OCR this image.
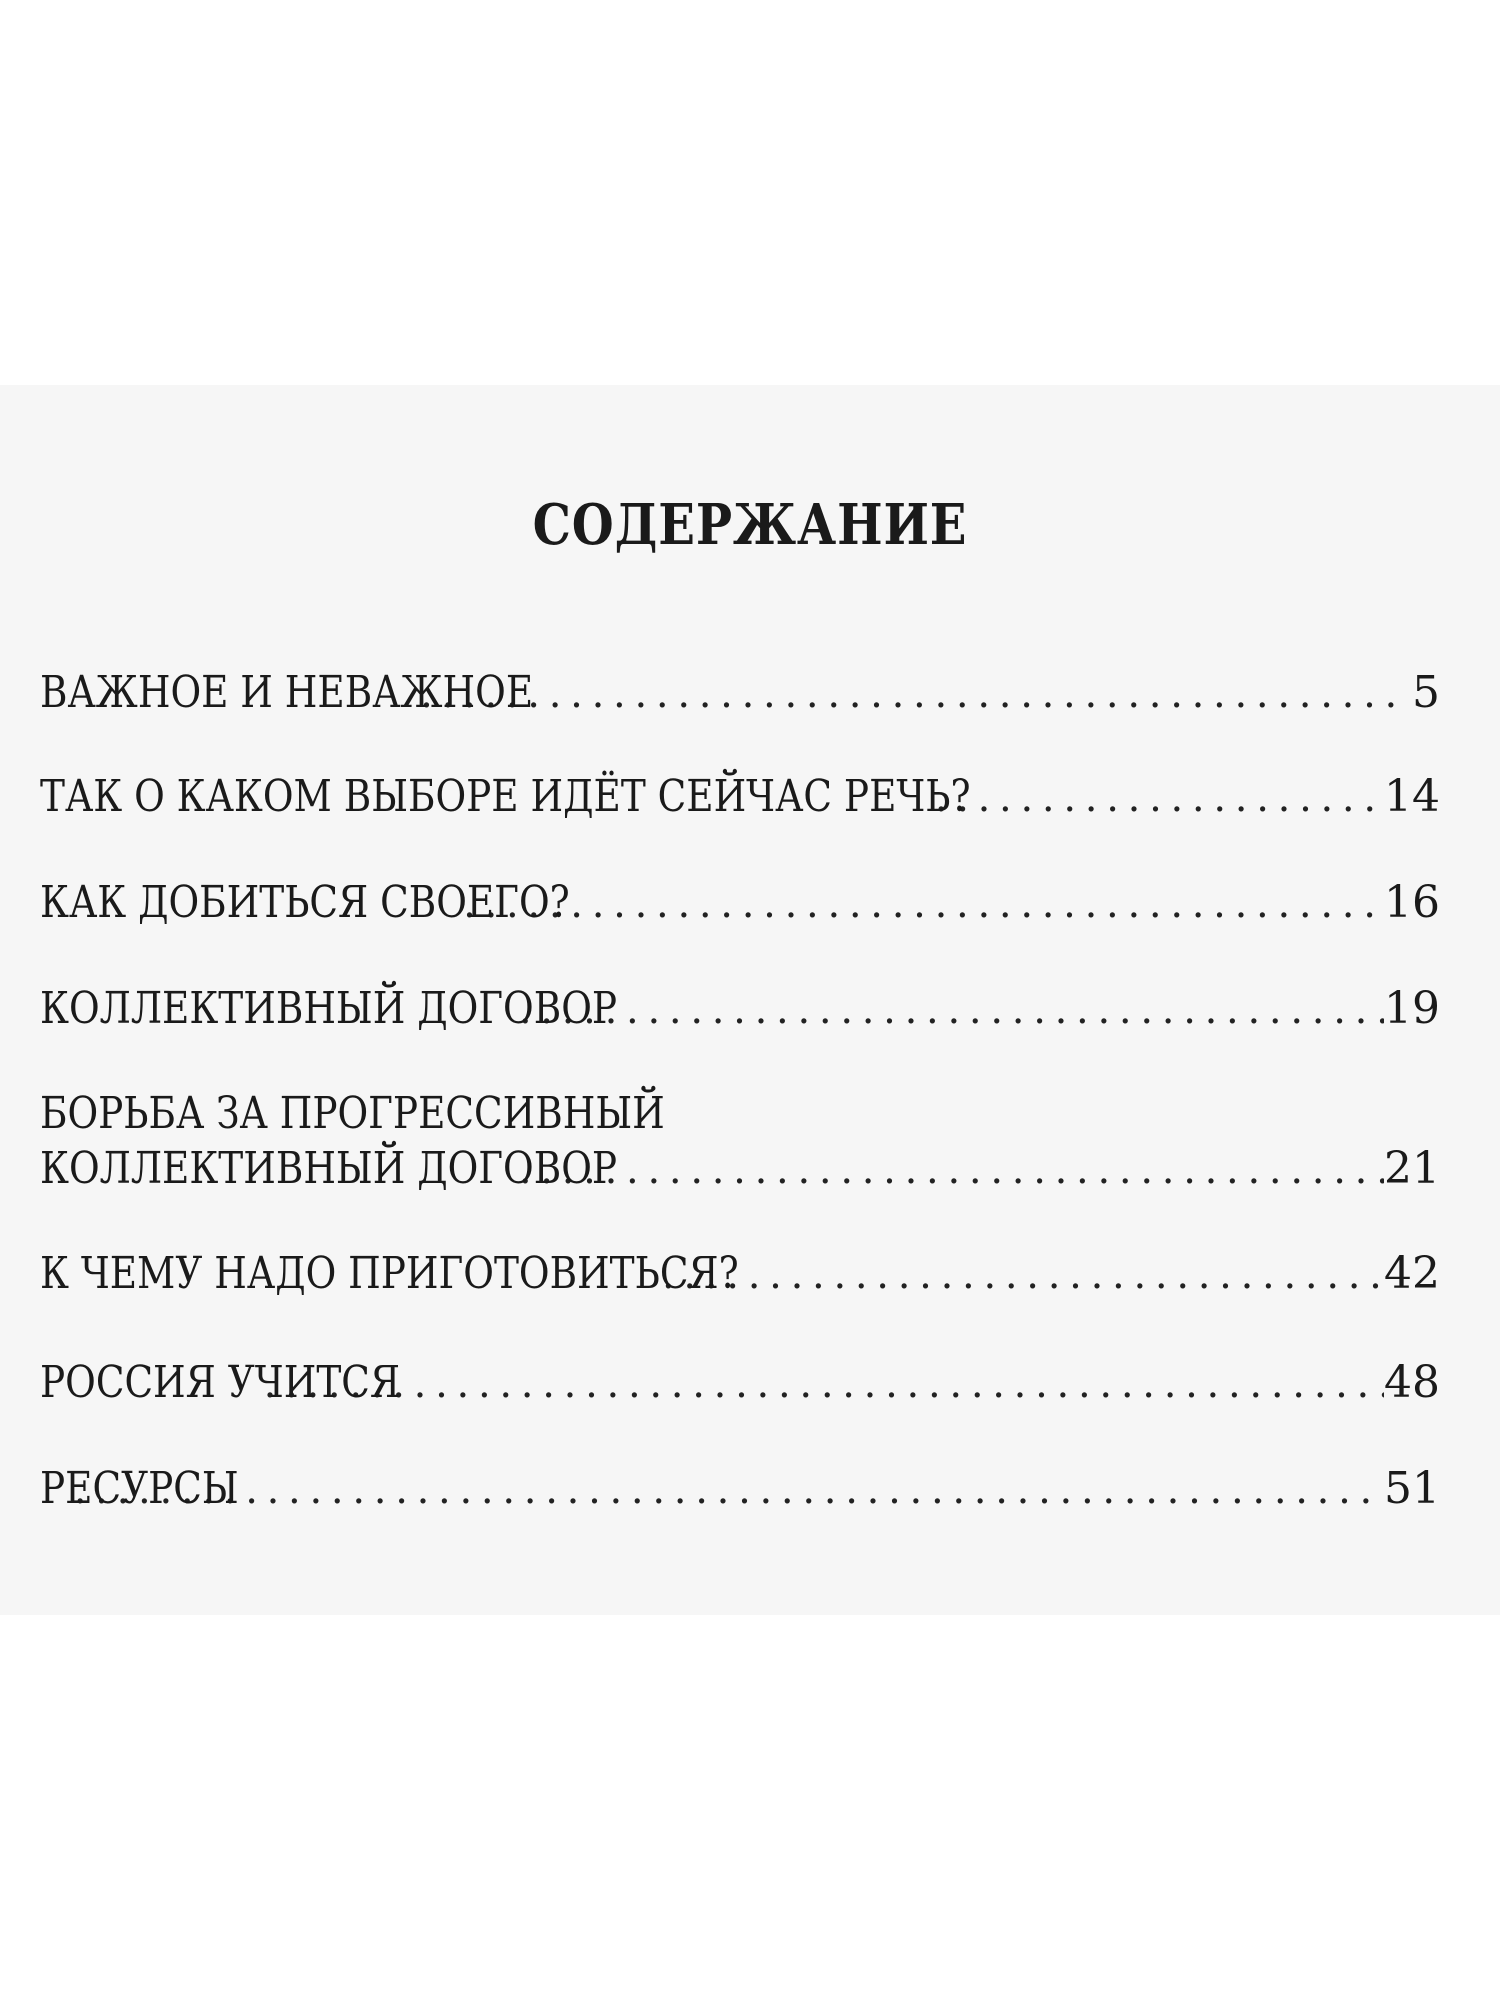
СОДЕРЖАНИЕ
ВАЖНОЕ И НЕВАЖНОЕ . . .	5
ТАК О КАКОМ ВЫБОРЕ ИДЁТ СЕЙЧАС РЕЧЬ? . . .	14
КАК ДОБИТЬСЯ СВОЕГО? . . .	16
КОЛЛЕКТИВНЫЙ ДОГОВОР . . .	19
БОРЬБА ЗА ПРОГРЕССИВНЫЙ
КОЛЛЕКТИВНЫЙ ДОГОВОР . . .	21
К ЧЕМУ НАДО ПРИГОТОВИТЬСЯ? . . .	42
РОССИЯ УЧИТСЯ . . .	48
РЕСУРСЫ . . .	51
